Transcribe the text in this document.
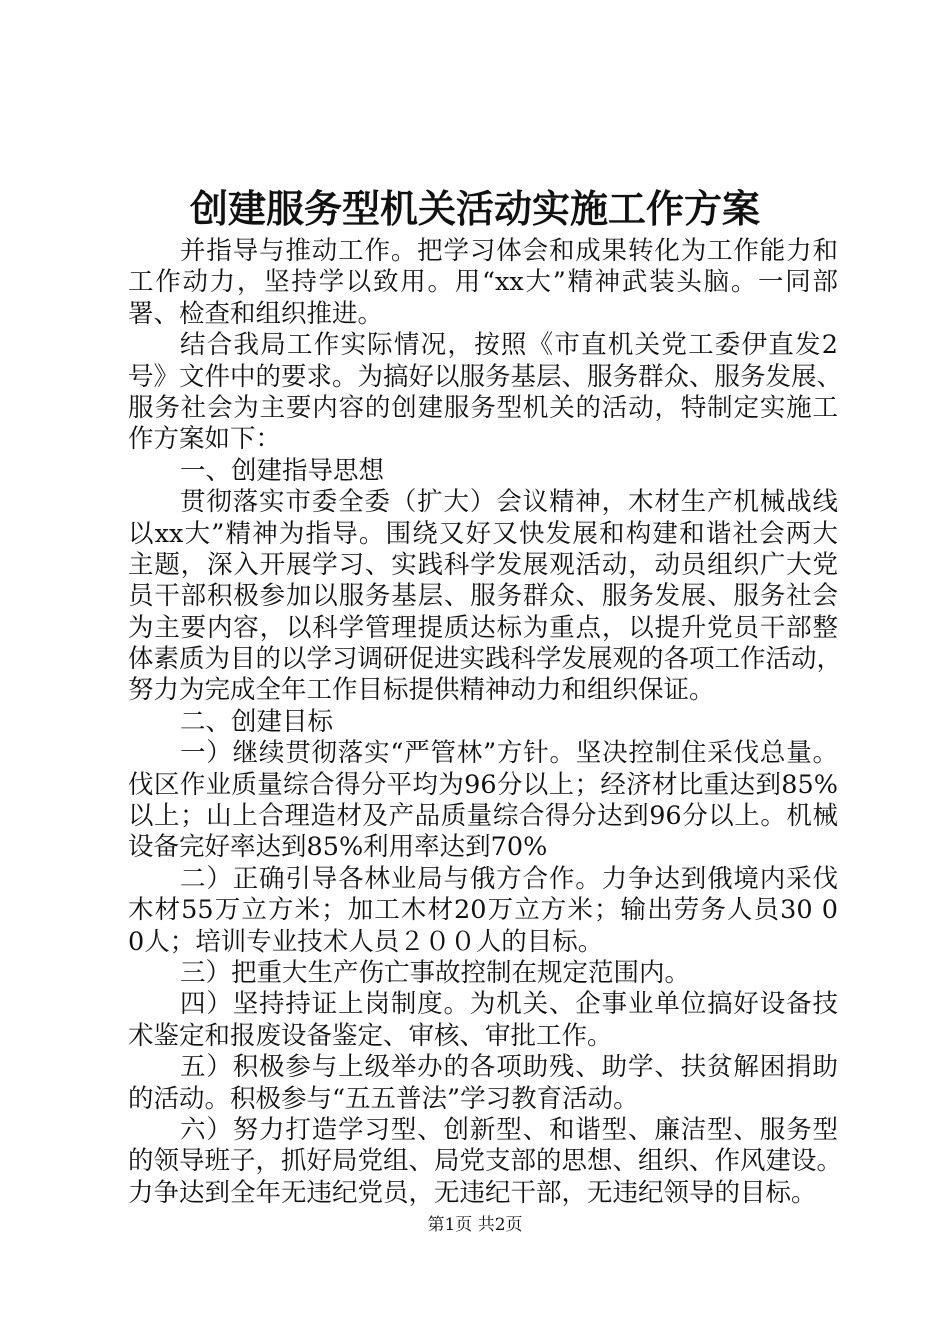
创建服务型机关活动实施工作方案
并指导与推动工作。把学习体会和成果转化为工作能力和
工作动力，坚持学以致用。用“xx大”精神武装头脑。一同部
署、检查和组织推进。
结合我局工作实际情况，按照《市直机关党工委伊直发2
号》文件中的要求。为搞好以服务基层、服务群众、服务发展、
服务社会为主要内容的创建服务型机关的活动，特制定实施工
作方案如下：
一、创建指导思想
贯彻落实市委全委（扩大）会议精神，木材生产机械战线
以xx大”精神为指导。围绕又好又快发展和构建和谐社会两大
主题，深入开展学习、实践科学发展观活动，动员组织广大党
员干部积极参加以服务基层、服务群众、服务发展、服务社会
为主要内容，以科学管理提质达标为重点，以提升党员干部整
体素质为目的以学习调研促进实践科学发展观的各项工作活动，
努力为完成全年工作目标提供精神动力和组织保证。
二、创建目标
一）继续贯彻落实“严管林”方针。坚决控制住采伐总量。
伐区作业质量综合得分平均为96分以上；经济材比重达到85%
以上；山上合理造材及产品质量综合得分达到96分以上。机械
设备完好率达到85%利用率达到70%
二）正确引导各林业局与俄方合作。力争达到俄境内采伐
木材55万立方米；加工木材20万立方米；输出劳务人员30 0
0人；培训专业技术人员２００人的目标。
三）把重大生产伤亡事故控制在规定范围内。
四）坚持持证上岗制度。为机关、企事业单位搞好设备技
术鉴定和报废设备鉴定、审核、审批工作。
五）积极参与上级举办的各项助残、助学、扶贫解困捐助
的活动。积极参与“五五普法”学习教育活动。
六）努力打造学习型、创新型、和谐型、廉洁型、服务型
的领导班子，抓好局党组、局党支部的思想、组织、作风建设。
力争达到全年无违纪党员，无违纪干部，无违纪领导的目标。
第1页 共2页
